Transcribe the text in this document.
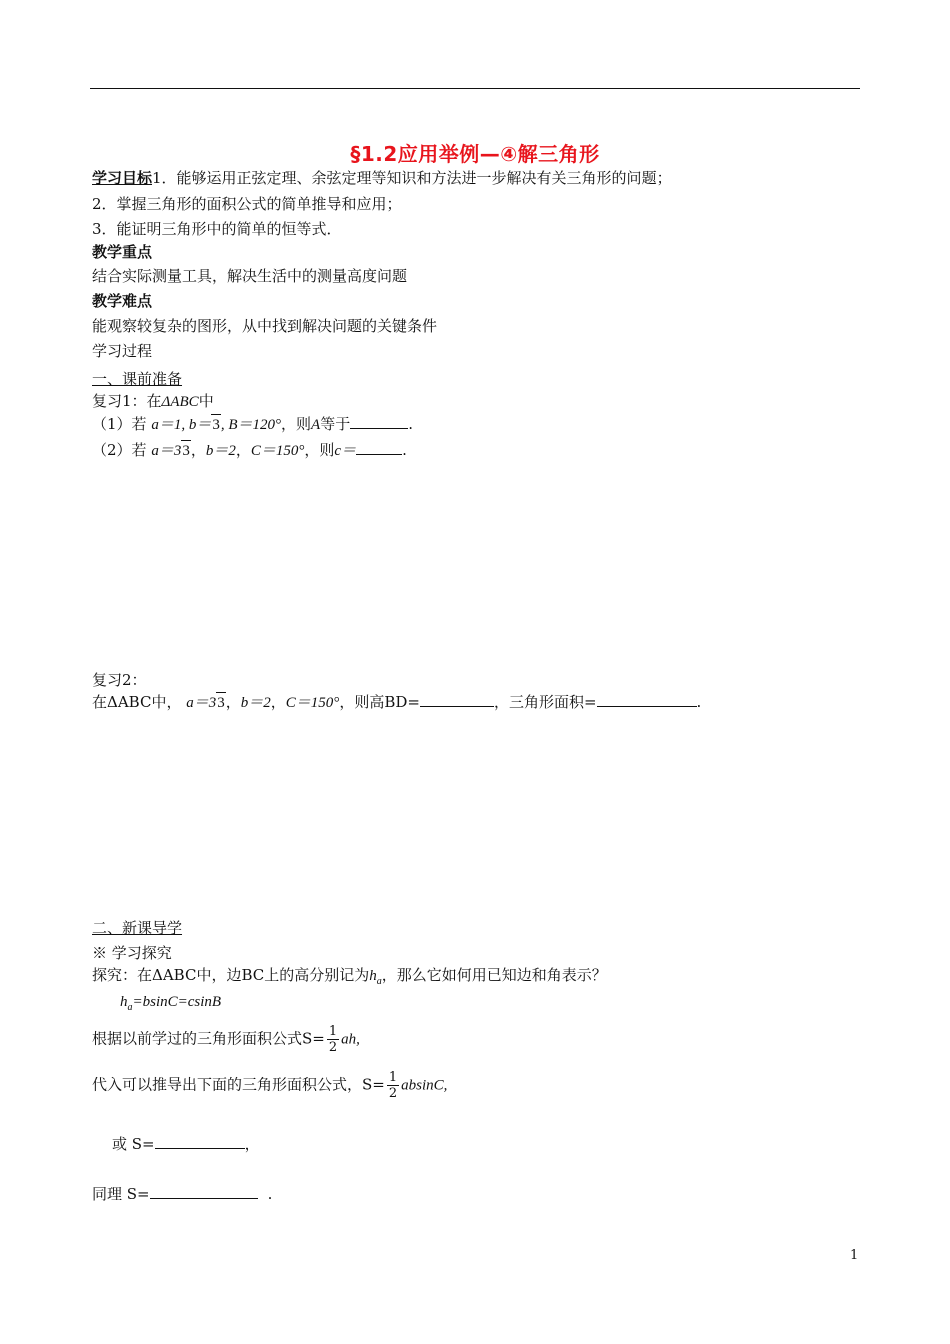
§1.2应用举例—④解三角形
学习目标1．能够运用正弦定理、余弦定理等知识和方法进一步解决有关三角形的问题；
2．掌握三角形的面积公式的简单推导和应用；
3．能证明三角形中的简单的恒等式．
教学重点
结合实际测量工具，解决生活中的测量高度问题
教学难点
能观察较复杂的图形，从中找到解决问题的关键条件
学习过程
一、课前准备
复习1：在ΔABC中
（1）若 a＝1, b＝3, B＝120°，则A等于	.
（2）若 a＝33，b＝2，C＝150°，则c＝	.
复习2：
在ΔABC中， a＝33，b＝2，C＝150°，则高BD=	，三角形面积=	.
二、新课导学
※ 学习探究
探究：在ΔABC中，边BC上的高分别记为$h_a$，那么它如何用已知边和角表示？
$h_a=bsinC=csinB$
根据以前学过的三角形面积公式$S= \frac{1}{2}$ ah,
代入可以推导出下面的三角形面积公式，$S= \frac{1}{2} absinC$,
或 S=	，
同理 S=	.
1
